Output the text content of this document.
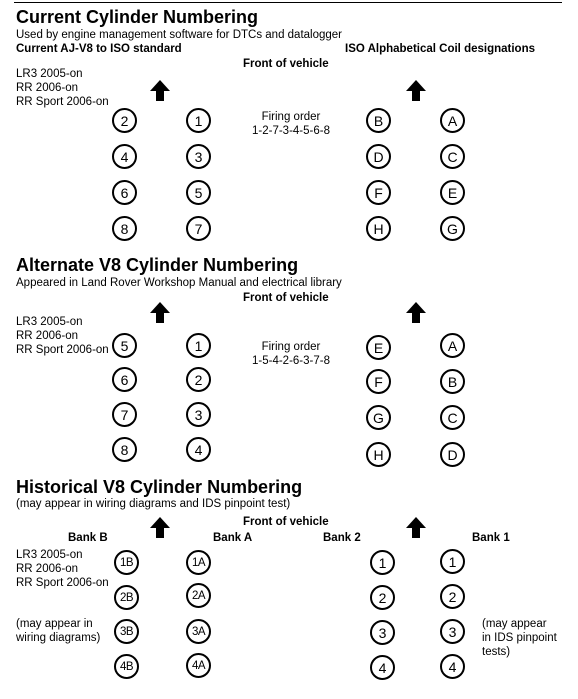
Current Cylinder Numbering
Used by engine management software for DTCs and datalogger
Current AJ-V8 to ISO standard	ISO Alphabetical Coil designations
Front of vehicle
LR3 2005-on
RR 2006-on
RR Sport 2006-on
Firing order
1-2-7-3-4-5-6-8
2
4
6
8
1
3
5
7
B
D
F
H
A
C
E
G
Alternate V8 Cylinder Numbering
Appeared in Land Rover Workshop Manual and electrical library
Front of vehicle
LR3 2005-on
RR 2006-on
RR Sport 2006-on	Firing order
1-5-4-2-6-3-7-8
5
6
7
8
1
2
3
4
E
F
G
H
A
B
C
D
Historical V8 Cylinder Numbering
(may appear in wiring diagrams and IDS pinpoint test)
Front of vehicle
Bank B	Bank A	Bank 2	Bank 1
LR3 2005-on
RR 2006-on
RR Sport 2006-on
(may appear in
wiring diagrams)
(may appear
in IDS pinpoint
tests)
1B
2B
3B
4B
1A
2A
3A
4A
1
2
3
4
1
2
3
4
